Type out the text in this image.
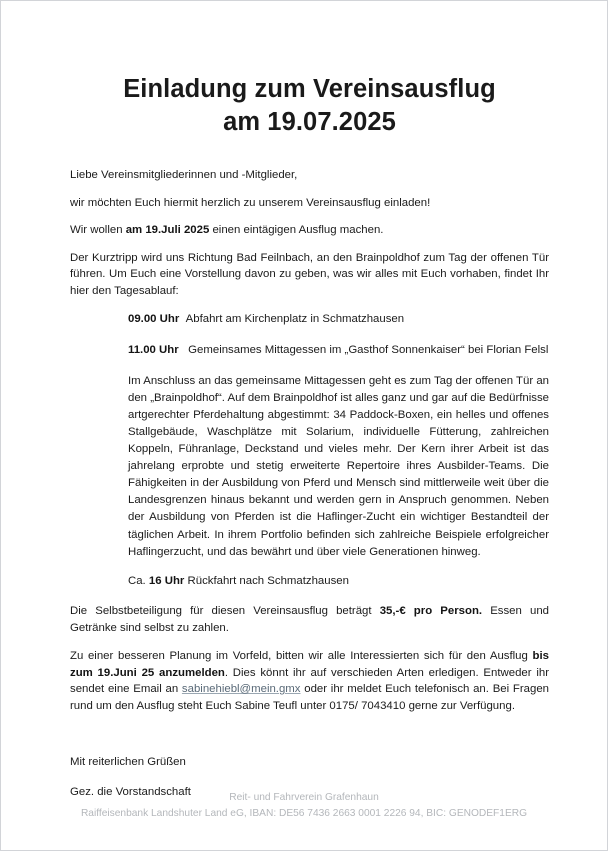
Einladung zum Vereinsausflug
am 19.07.2025

Liebe Vereinsmitgliederinnen und -Mitglieder,

wir möchten Euch hiermit herzlich zu unserem Vereinsausflug einladen!

Wir wollen am 19.Juli 2025 einen eintägigen Ausflug machen.

Der Kurztripp wird uns Richtung Bad Feilnbach, an den Brainpoldhof zum Tag der offenen Tür führen. Um Euch eine Vorstellung davon zu geben, was wir alles mit Euch vorhaben, findet Ihr hier den Tagesablauf:

09.00 Uhr Abfahrt am Kirchenplatz in Schmatzhausen

11.00 Uhr Gemeinsames Mittagessen im „Gasthof Sonnenkaiser“ bei Florian Felsl

Im Anschluss an das gemeinsame Mittagessen geht es zum Tag der offenen Tür an den „Brainpoldhof“. Auf dem Brainpoldhof ist alles ganz und gar auf die Bedürfnisse artgerechter Pferdehaltung abgestimmt: 34 Paddock-Boxen, ein helles und offenes Stallgebäude, Waschplätze mit Solarium, individuelle Fütterung, zahlreichen Koppeln, Führanlage, Deckstand und vieles mehr. Der Kern ihrer Arbeit ist das jahrelang erprobte und stetig erweiterte Repertoire ihres Ausbilder-Teams. Die Fähigkeiten in der Ausbildung von Pferd und Mensch sind mittlerweile weit über die Landesgrenzen hinaus bekannt und werden gern in Anspruch genommen. Neben der Ausbildung von Pferden ist die Haflinger-Zucht ein wichtiger Bestandteil der täglichen Arbeit. In ihrem Portfolio befinden sich zahlreiche Beispiele erfolgreicher Haflingerzucht, und das bewährt und über viele Generationen hinweg.

Ca. 16 Uhr Rückfahrt nach Schmatzhausen

Die Selbstbeteiligung für diesen Vereinsausflug beträgt 35,-€ pro Person. Essen und Getränke sind selbst zu zahlen.

Zu einer besseren Planung im Vorfeld, bitten wir alle Interessierten sich für den Ausflug bis zum 19.Juni 25 anzumelden. Dies könnt ihr auf verschieden Arten erledigen. Entweder ihr sendet eine Email an sabinehiebl@mein.gmx oder ihr meldet Euch telefonisch an. Bei Fragen rund um den Ausflug steht Euch Sabine Teufl unter 0175/ 7043410 gerne zur Verfügung.

Mit reiterlichen Grüßen

Gez. die Vorstandschaft	Reit- und Fahrverein Grafenhaun
Raiffeisenbank Landshuter Land eG, IBAN: DE56 7436 2663 0001 2226 94, BIC: GENODEF1ERG
